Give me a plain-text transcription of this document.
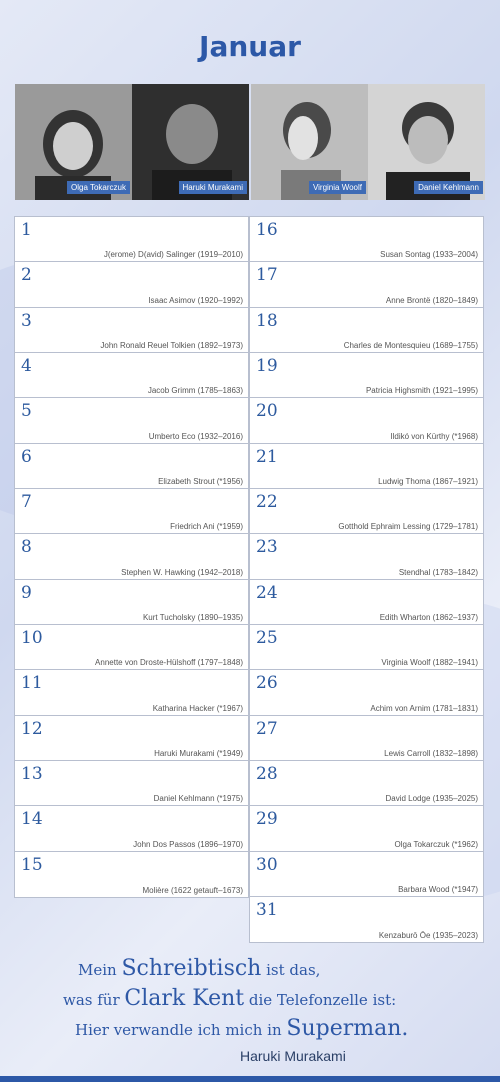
Januar
Olga Tokarczuk	Haruki Murakami	Virginia Woolf	Daniel Kehlmann
1
J(erome) D(avid) Salinger (1919–2010)
2
Isaac Asimov (1920–1992)
3
John Ronald Reuel Tolkien (1892–1973)
4
Jacob Grimm (1785–1863)
5
Umberto Eco (1932–2016)
6
Elizabeth Strout (*1956)
7
Friedrich Ani (*1959)
8
Stephen W. Hawking (1942–2018)
9
Kurt Tucholsky (1890–1935)
10
Annette von Droste-Hülshoff (1797–1848)
11
Katharina Hacker (*1967)
12
Haruki Murakami (*1949)
13
Daniel Kehlmann (*1975)
14
John Dos Passos (1896–1970)
15
Molière (1622 getauft–1673)
16
Susan Sontag (1933–2004)
17
Anne Brontë (1820–1849)
18
Charles de Montesquieu (1689–1755)
19
Patricia Highsmith (1921–1995)
20
Ildikó von Kürthy (*1968)
21
Ludwig Thoma (1867–1921)
22
Gotthold Ephraim Lessing (1729–1781)
23
Stendhal (1783–1842)
24
Edith Wharton (1862–1937)
25
Virginia Woolf (1882–1941)
26
Achim von Arnim (1781–1831)
27
Lewis Carroll (1832–1898)
28
David Lodge (1935–2025)
29
Olga Tokarczuk (*1962)
30
Barbara Wood (*1947)
31
Kenzaburō Ōe (1935–2023)
Mein Schreibtisch ist das,
was für Clark Kent die Telefonzelle ist:
Hier verwandle ich mich in Superman.
Haruki Murakami
